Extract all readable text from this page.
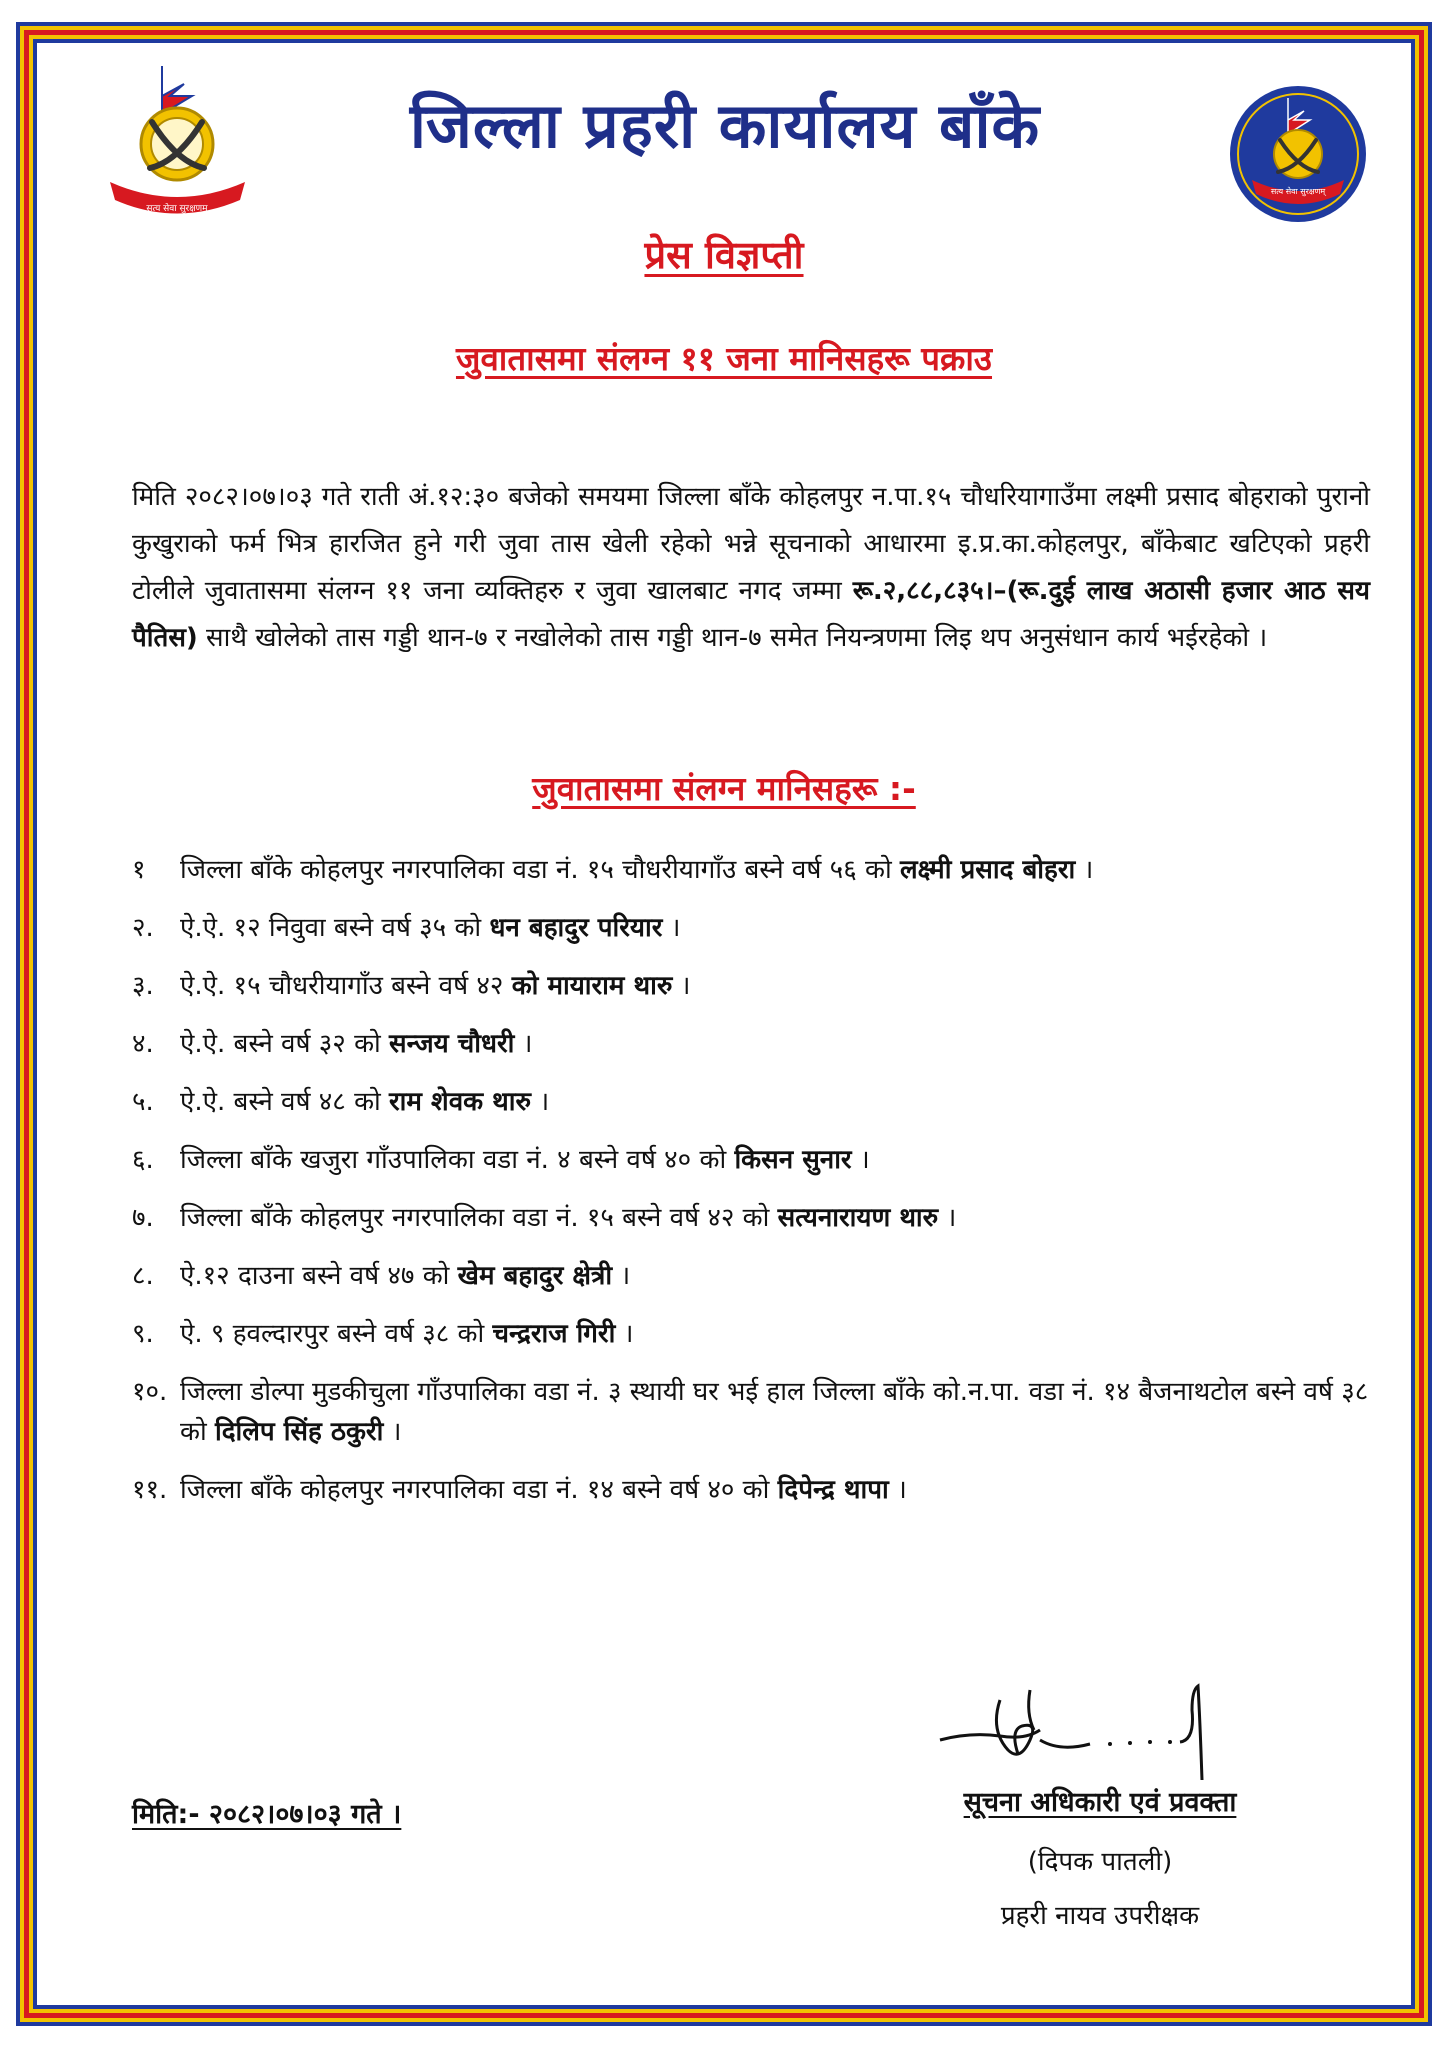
नेपाल प्रहरी
सत्य सेवा सुरक्षणम्
जिल्ला प्रहरी कार्यालय बाँके
सत्य सेवा सुरक्षणम्
प्रेस विज्ञप्ती
जुवातासमा संलग्न ११ जना मानिसहरू पक्राउ
मिति २०८२।०७।०३ गते राती अं.१२:३० बजेको समयमा जिल्ला बाँके कोहलपुर न.पा.१५ चौधरियागाउँमा लक्ष्मी प्रसाद बोहराको पुरानो कुखुराको फर्म भित्र हारजित हुने गरी जुवा तास खेली रहेको भन्ने सूचनाको आधारमा इ.प्र.का.कोहलपुर, बाँकेबाट खटिएको प्रहरी टोलीले जुवातासमा संलग्न ११ जना व्यक्तिहरु र जुवा खालबाट नगद जम्मा रू.२,८८,८३५।–(रू.दुई लाख अठासी हजार आठ सय पैतिस) साथै खोलेको तास गड्डी थान-७ र नखोलेको तास गड्डी थान-७ समेत नियन्त्रणमा लिइ थप अनुसंधान कार्य भईरहेको ।
जुवातासमा संलग्न मानिसहरू :-
१	जिल्ला बाँके कोहलपुर नगरपालिका वडा नं. १५ चौधरीयागाँउ बस्ने वर्ष ५६ को लक्ष्मी प्रसाद बोहरा ।
२.	ऐ.ऐ. १२ निवुवा बस्ने वर्ष ३५ को धन बहादुर परियार ।
३.	ऐ.ऐ. १५ चौधरीयागाँउ बस्ने वर्ष ४२ को मायाराम थारु ।
४.	ऐ.ऐ. बस्ने वर्ष ३२ को सन्जय चौधरी ।
५.	ऐ.ऐ. बस्ने वर्ष ४८ को राम शेवक थारु ।
६.	जिल्ला बाँके खजुरा गाँउपालिका वडा नं. ४ बस्ने वर्ष ४० को किसन सुनार ।
७.	जिल्ला बाँके कोहलपुर नगरपालिका वडा नं. १५ बस्ने वर्ष ४२ को सत्यनारायण थारु ।
८.	ऐ.१२ दाउना बस्ने वर्ष ४७ को खेम बहादुर क्षेत्री ।
९.	ऐ. ९ हवल्दारपुर बस्ने वर्ष ३८ को चन्द्रराज गिरी ।
१०. जिल्ला डोल्पा मुडकीचुला गाँउपालिका वडा नं. ३ स्थायी घर भई हाल जिल्ला बाँके को.न.पा. वडा नं. १४ बैजनाथटोल बस्ने वर्ष ३८ को दिलिप सिंह ठकुरी ।
११. जिल्ला बाँके कोहलपुर नगरपालिका वडा नं. १४ बस्ने वर्ष ४० को दिपेन्द्र थापा ।
मिति:- २०८२।०७।०३ गते ।	सूचना अधिकारी एवं प्रवक्ता
(दिपक पातली)
प्रहरी नायव उपरीक्षक
